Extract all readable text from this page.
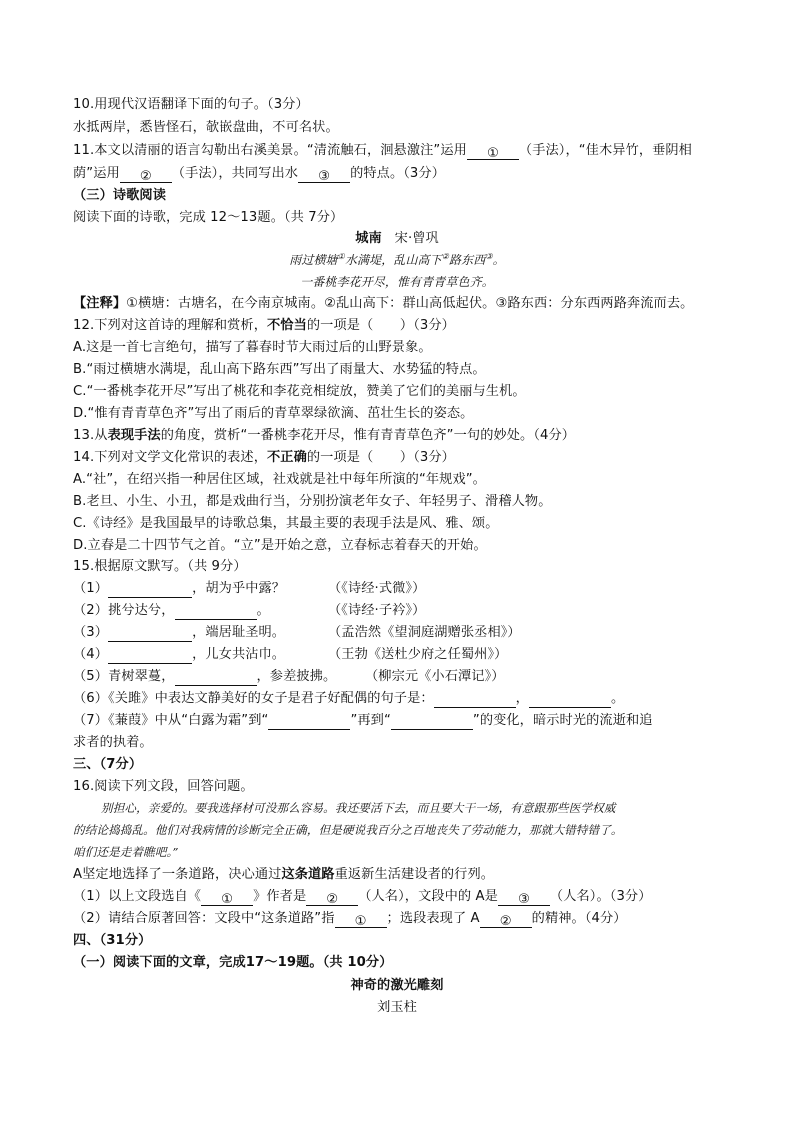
10.用现代汉语翻译下面的句子。（3分）
水抵两岸，悉皆怪石，欹嵌盘曲，不可名状。
11.本文以清丽的语言勾勒出右溪美景。“清流触石，洄悬激注”运用 ① （手法），“佳木异竹，垂阴相
荫”运用 ② （手法），共同写出水 ③ 的特点。（3分）
（三）诗歌阅读
阅读下面的诗歌，完成 12～13题。（共 7分）
城南 宋·曾巩
雨过横塘①水满堤，乱山高下②路东西③。
一番桃李花开尽，惟有青青草色齐。
【注释】①横塘：古塘名，在今南京城南。②乱山高下：群山高低起伏。③路东西：分东西两路奔流而去。
12.下列对这首诗的理解和赏析，不恰当的一项是（　　）（3分）
A.这是一首七言绝句，描写了暮春时节大雨过后的山野景象。
B.“雨过横塘水满堤，乱山高下路东西”写出了雨量大、水势猛的特点。
C.“一番桃李花开尽”写出了桃花和李花竞相绽放，赞美了它们的美丽与生机。
D.“惟有青青草色齐”写出了雨后的青草翠绿欲滴、茁壮生长的姿态。
13.从表现手法的角度，赏析“一番桃李花开尽，惟有青青草色齐”一句的妙处。（4分）
14.下列对文学文化常识的表述，不正确的一项是（　　）（3分）
A.“社”，在绍兴指一种居住区域，社戏就是社中每年所演的“年规戏”。
B.老旦、小生、小丑，都是戏曲行当，分别扮演老年女子、年轻男子、滑稽人物。
C.《诗经》是我国最早的诗歌总集，其最主要的表现手法是风、雅、颂。
D.立春是二十四节气之首。“立”是开始之意，立春标志着春天的开始。
15.根据原文默写。（共 9分）
（1）	，胡为乎中露？	（《诗经·式微》）
（2）挑兮达兮，	。	（《诗经·子衿》）
（3）	，端居耻圣明。	（孟浩然《望洞庭湖赠张丞相》）
（4）	，儿女共沾巾。	（王勃《送杜少府之任蜀州》）
（5）青树翠蔓，	，参差披拂。 （柳宗元《小石潭记》）
（6）《关雎》中表达文静美好的女子是君子好配偶的句子是：	，	。
（7）《蒹葭》中从“白露为霜”到“	”再到“	”的变化，暗示时光的流逝和追
求者的执着。
三、（7分）
16.阅读下列文段，回答问题。
别担心，亲爱的。要我选择材可没那么容易。我还要活下去，而且要大干一场，有意跟那些医学权威
的结论捣捣乱。他们对我病情的诊断完全正确，但是硬说我百分之百地丧失了劳动能力，那就大错特错了。
咱们还是走着瞧吧。”
A坚定地选择了一条道路，决心通过这条道路重返新生活建设者的行列。
（1）以上文段选自《 ① 》作者是 ② （人名），文段中的 A是 ③ （人名）。（3分）
（2）请结合原著回答：文段中“这条道路”指 ① ；选段表现了 A ② 的精神。（4分）
四、（31分）
（一）阅读下面的文章，完成17～19题。（共 10分）
神奇的激光雕刻
刘玉柱
